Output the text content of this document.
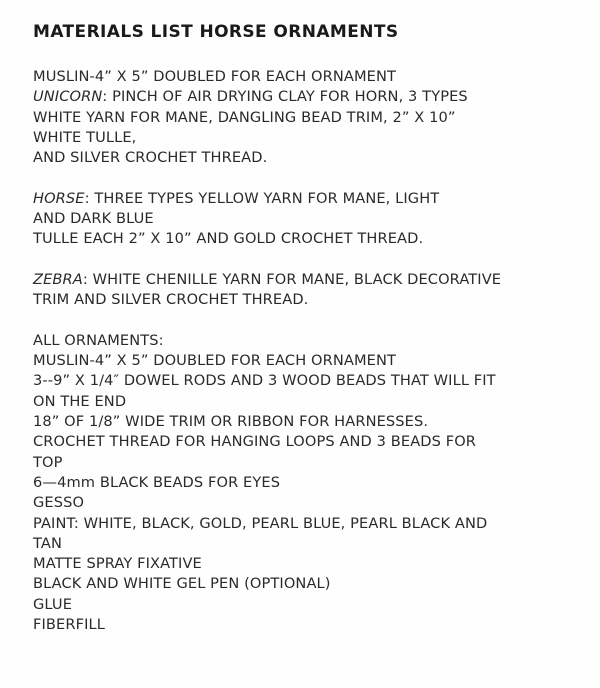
MATERIALS LIST HORSE ORNAMENTS
MUSLIN-4” X 5” DOUBLED FOR EACH ORNAMENT
UNICORN: PINCH OF AIR DRYING CLAY FOR HORN, 3 TYPES
WHITE YARN FOR MANE, DANGLING BEAD TRIM, 2” X 10”
WHITE TULLE,
AND SILVER CROCHET THREAD.
HORSE: THREE TYPES YELLOW YARN FOR MANE, LIGHT
AND DARK BLUE
TULLE EACH 2” X 10” AND GOLD CROCHET THREAD.
ZEBRA: WHITE CHENILLE YARN FOR MANE, BLACK DECORATIVE
TRIM AND SILVER CROCHET THREAD.
ALL ORNAMENTS:
MUSLIN-4” X 5” DOUBLED FOR EACH ORNAMENT
3--9” X 1/4″ DOWEL RODS AND 3 WOOD BEADS THAT WILL FIT
ON THE END
18” OF 1/8” WIDE TRIM OR RIBBON FOR HARNESSES.
CROCHET THREAD FOR HANGING LOOPS AND 3 BEADS FOR
TOP
6—4mm BLACK BEADS FOR EYES
GESSO
PAINT: WHITE, BLACK, GOLD, PEARL BLUE, PEARL BLACK AND
TAN
MATTE SPRAY FIXATIVE
BLACK AND WHITE GEL PEN (OPTIONAL)
GLUE
FIBERFILL
